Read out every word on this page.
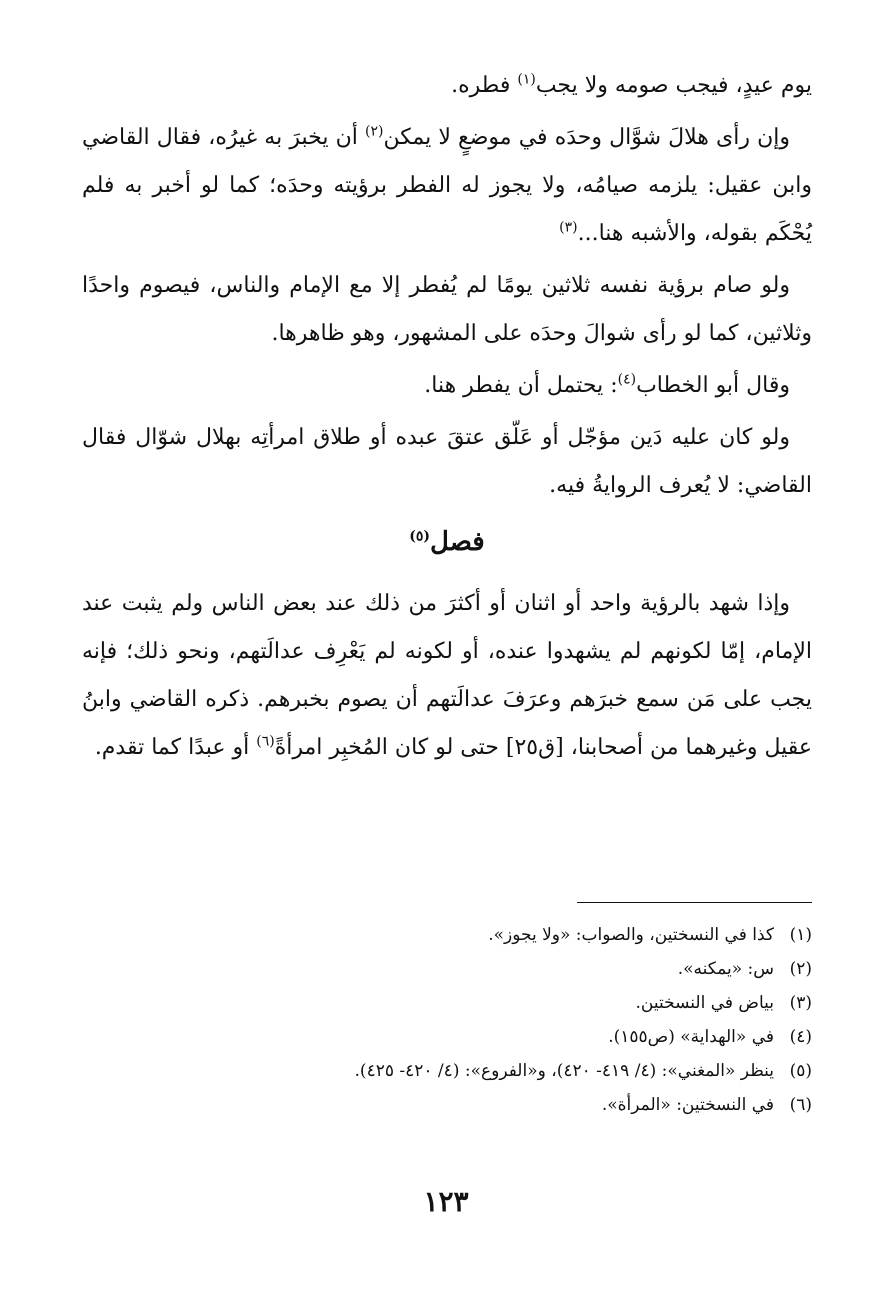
يوم عيدٍ، فيجب صومه ولا يجب$^{(١)}$ فطره.

وإن رأى هلالَ شوَّال وحدَه في موضعٍ لا يمكن$^{(٢)}$ أن يخبرَ به غيرُه، فقال القاضي وابن عقيل: يلزمه صيامُه، ولا يجوز له الفطر برؤيته وحدَه؛ كما لو أخبر به فلم يُحْكَم بقوله، والأشبه هنا...$^{(٣)}$

ولو صام برؤية نفسه ثلاثين يومًا لم يُفطر إلا مع الإمام والناس، فيصوم واحدًا وثلاثين، كما لو رأى شوالَ وحدَه على المشهور، وهو ظاهرها.

وقال أبو الخطاب$^{(٤)}$: يحتمل أن يفطر هنا.

ولو كان عليه دَين مؤجّل أو عَلّق عتقَ عبده أو طلاق امرأتِه بهلال شوّال فقال القاضي: لا يُعرف الروايةُ فيه.

فصل$^{(٥)}$

وإذا شهد بالرؤية واحد أو اثنان أو أكثرَ من ذلك عند بعض الناس ولم يثبت عند الإمام، إمّا لكونهم لم يشهدوا عنده، أو لكونه لم يَعْرِف عدالَتهم، ونحو ذلك؛ فإنه يجب على مَن سمع خبرَهم وعرَفَ عدالَتهم أن يصوم بخبرهم. ذكره القاضي وابنُ عقيل وغيرهما من أصحابنا، [ق٢٥] حتى لو كان المُخبِر امرأةً$^{(٦)}$ أو عبدًا كما تقدم.

(١)كذا في النسختين، والصواب: «ولا يجوز».
(٢)س: «يمكنه».
(٣)بياض في النسختين.
(٤)في «الهداية» (ص١٥٥).
(٥)ينظر «المغني»: (٤/ ٤١٩- ٤٢٠)، و«الفروع»: (٤/ ٤٢٠- ٤٢٥).
(٦)في النسختين: «المرأة».
١٢٣
